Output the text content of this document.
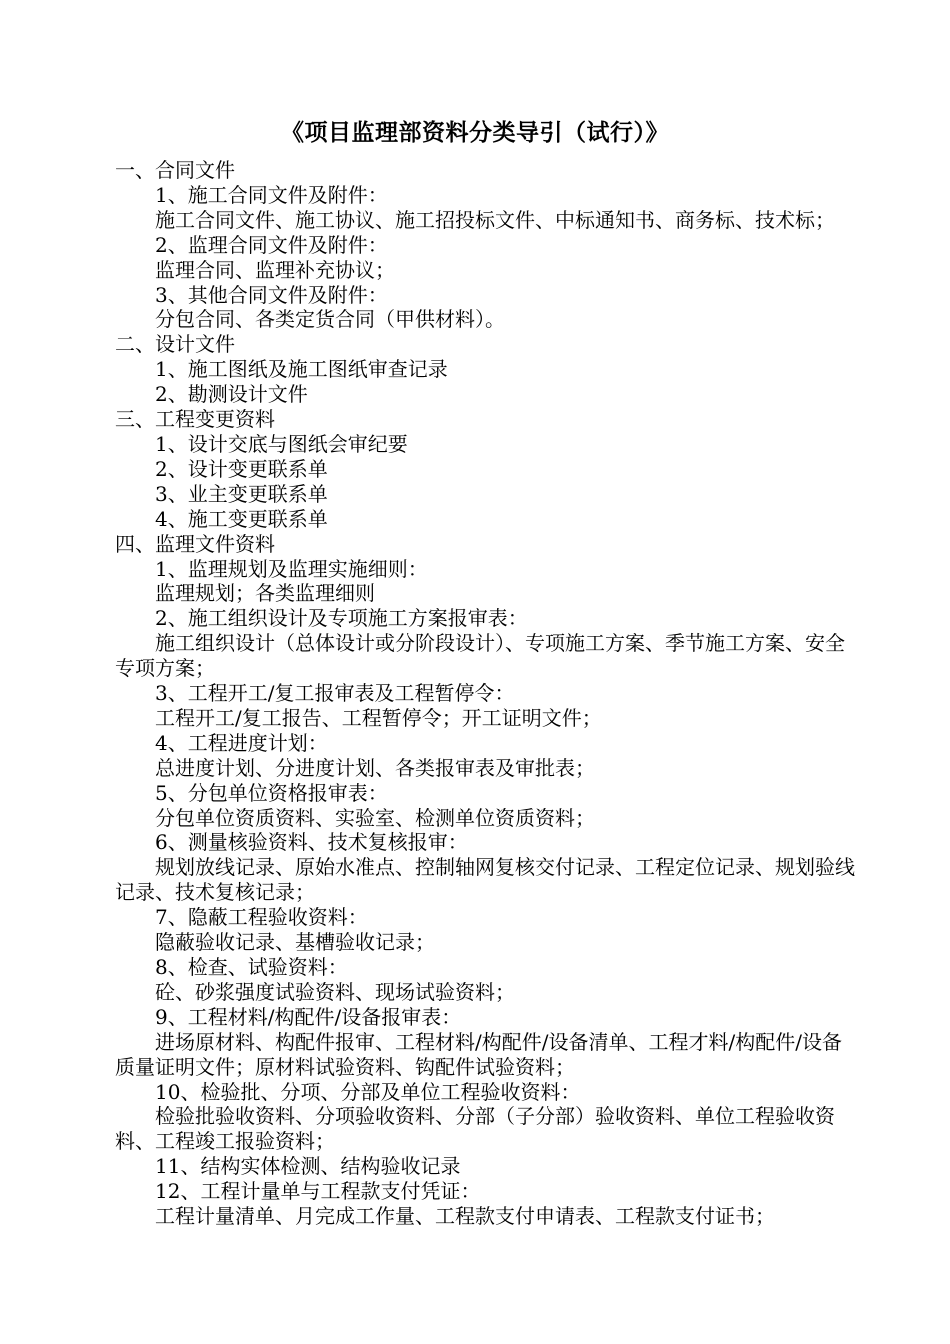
《项目监理部资料分类导引（试行）》

一、合同文件

1、施工合同文件及附件：

施工合同文件、施工协议、施工招投标文件、中标通知书、商务标、技术标；

2、监理合同文件及附件：

监理合同、监理补充协议；

3、其他合同文件及附件：

分包合同、各类定货合同（甲供材料）。

二、设计文件

1、施工图纸及施工图纸审查记录

2、勘测设计文件

三、工程变更资料

1、设计交底与图纸会审纪要

2、设计变更联系单

3、业主变更联系单

4、施工变更联系单

四、监理文件资料

1、监理规划及监理实施细则：

监理规划；各类监理细则

2、施工组织设计及专项施工方案报审表：

施工组织设计（总体设计或分阶段设计）、专项施工方案、季节施工方案、安全专项方案；

3、工程开工/复工报审表及工程暂停令：

工程开工/复工报告、工程暂停令；开工证明文件；

4、工程进度计划：

总进度计划、分进度计划、各类报审表及审批表；

5、分包单位资格报审表：

分包单位资质资料、实验室、检测单位资质资料；

6、测量核验资料、技术复核报审：

规划放线记录、原始水准点、控制轴网复核交付记录、工程定位记录、规划验线记录、技术复核记录；

7、隐蔽工程验收资料：

隐蔽验收记录、基槽验收记录；

8、检查、试验资料：

砼、砂浆强度试验资料、现场试验资料；

9、工程材料/构配件/设备报审表：

进场原材料、构配件报审、工程材料/构配件/设备清单、工程才料/构配件/设备质量证明文件；原材料试验资料、钩配件试验资料；

10、检验批、分项、分部及单位工程验收资料：

检验批验收资料、分项验收资料、分部（子分部）验收资料、单位工程验收资料、工程竣工报验资料；

11、结构实体检测、结构验收记录

12、工程计量单与工程款支付凭证：

工程计量清单、月完成工作量、工程款支付申请表、工程款支付证书；
